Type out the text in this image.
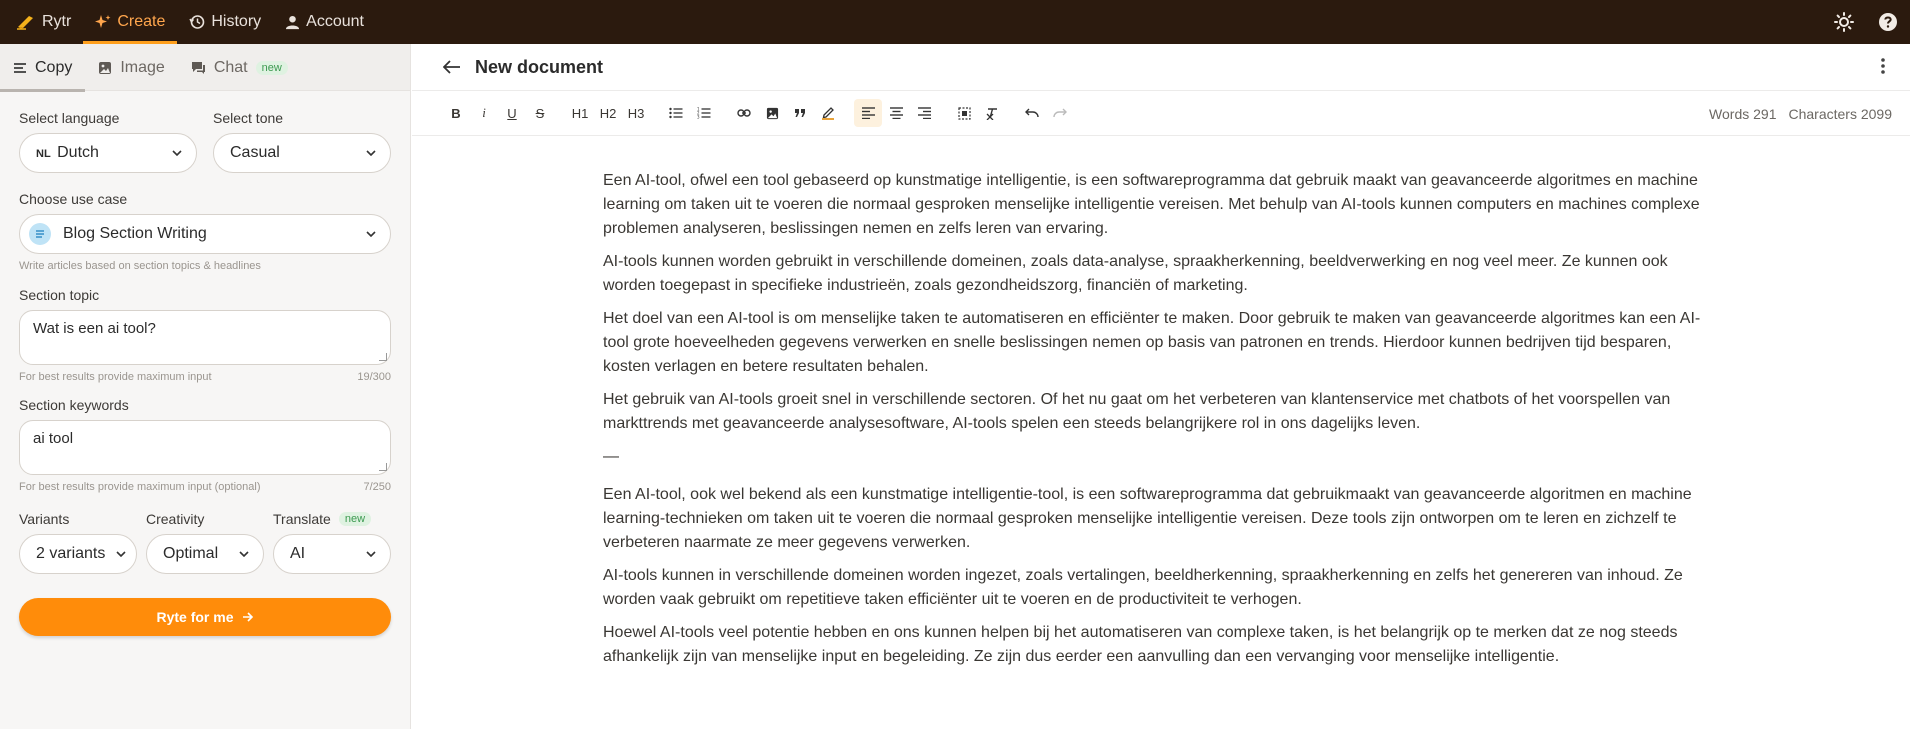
Rytr	Create	History	Account
Copy	Image	Chat	new
Select language
NL Dutch
Select tone
Casual
Choose use case
Blog Section Writing
Write articles based on section topics & headlines
Section topic
Wat is een ai tool?
For best results provide maximum input	19/300
Section keywords
ai tool
For best results provide maximum input (optional)	7/250
Variants
2 variants
Creativity
Optimal
Translate	new
AI
Ryte for me
New document
B i U S H1 H2 H3	1
2
3	Words 291 Characters 2099

Een AI-tool, ofwel een tool gebaseerd op kunstmatige intelligentie, is een softwareprogramma dat gebruik maakt van geavanceerde algoritmes en machine learning om taken uit te voeren die normaal gesproken menselijke intelligentie vereisen. Met behulp van AI-tools kunnen computers en machines complexe problemen analyseren, beslissingen nemen en zelfs leren van ervaring.

AI-tools kunnen worden gebruikt in verschillende domeinen, zoals data-analyse, spraakherkenning, beeldverwerking en nog veel meer. Ze kunnen ook worden toegepast in specifieke industrieën, zoals gezondheidszorg, financiën of marketing.

Het doel van een AI-tool is om menselijke taken te automatiseren en efficiënter te maken. Door gebruik te maken van geavanceerde algoritmes kan een AI-tool grote hoeveelheden gegevens verwerken en snelle beslissingen nemen op basis van patronen en trends. Hierdoor kunnen bedrijven tijd besparen, kosten verlagen en betere resultaten behalen.

Het gebruik van AI-tools groeit snel in verschillende sectoren. Of het nu gaat om het verbeteren van klantenservice met chatbots of het voorspellen van markttrends met geavanceerde analysesoftware, AI-tools spelen een steeds belangrijkere rol in ons dagelijks leven.

—

Een AI-tool, ook wel bekend als een kunstmatige intelligentie-tool, is een softwareprogramma dat gebruikmaakt van geavanceerde algoritmen en machine learning-technieken om taken uit te voeren die normaal gesproken menselijke intelligentie vereisen. Deze tools zijn ontworpen om te leren en zichzelf te verbeteren naarmate ze meer gegevens verwerken.

AI-tools kunnen in verschillende domeinen worden ingezet, zoals vertalingen, beeldherkenning, spraakherkenning en zelfs het genereren van inhoud. Ze worden vaak gebruikt om repetitieve taken efficiënter uit te voeren en de productiviteit te verhogen.

Hoewel AI-tools veel potentie hebben en ons kunnen helpen bij het automatiseren van complexe taken, is het belangrijk op te merken dat ze nog steeds afhankelijk zijn van menselijke input en begeleiding. Ze zijn dus eerder een aanvulling dan een vervanging voor menselijke intelligentie.
